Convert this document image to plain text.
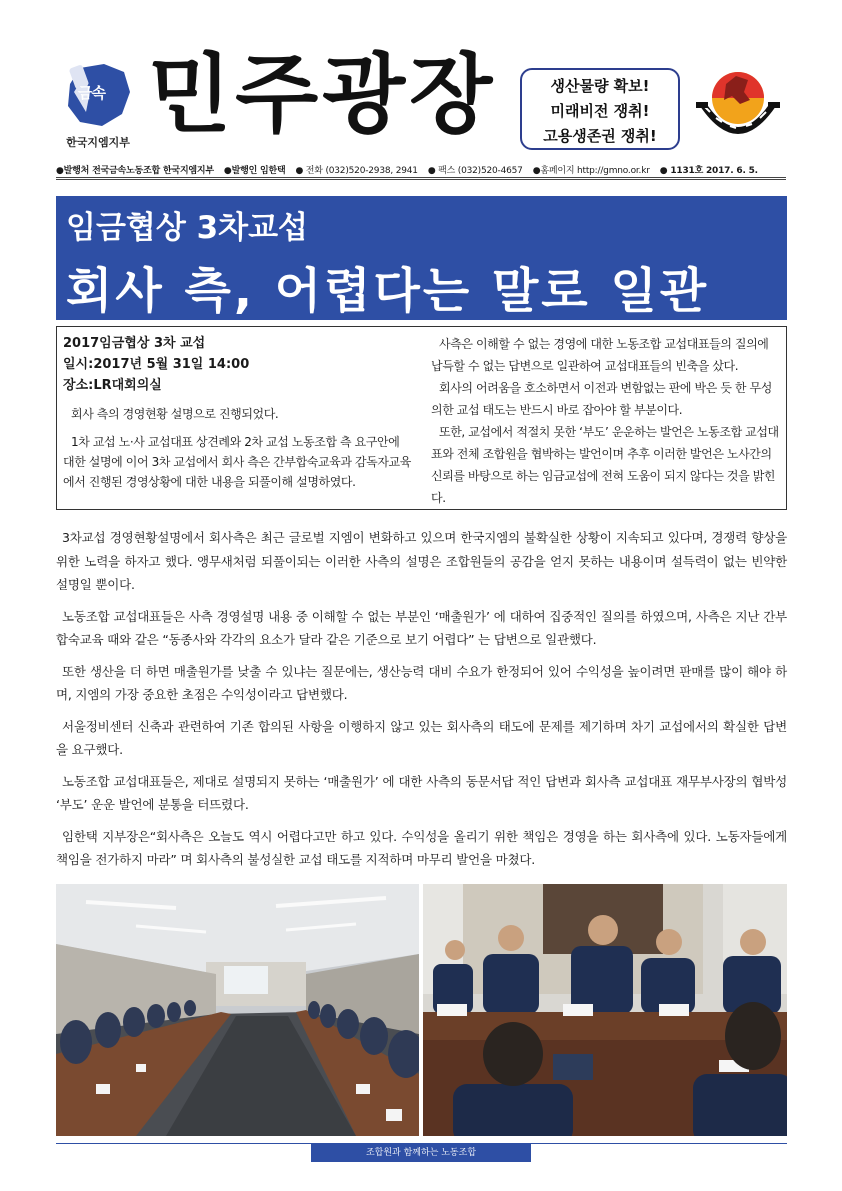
금속
한국지엠지부 민주광장	생산물량 확보!
미래비전 쟁취!
고용생존권 쟁취!
●발행처 전국금속노동조합 한국지엠지부 ●발행인 임한택 ● 전화 (032)520-2938, 2941 ● 팩스 (032)520-4657 ●홈페이지 http://gmno.or.kr ● 1131호 2017. 6. 5.
임금협상 3차교섭
회사 측, 어렵다는 말로 일관
2017임금협상 3차 교섭
일시:2017년 5월 31일 14:00
장소:LR대회의실

회사 측의 경영현황 설명으로 진행되었다.

1차 교섭 노·사 교섭대표 상견례와 2차 교섭 노동조합 측 요구안에 대한 설명에 이어 3차 교섭에서 회사 측은 간부합숙교육과 감독자교육에서 진행된 경영상황에 대한 내용을 되풀이해 설명하였다.

사측은 이해할 수 없는 경영에 대한 노동조합 교섭대표들의 질의에 납득할 수 없는 답변으로 일관하여 교섭대표들의 빈축을 샀다.

회사의 어려움을 호소하면서 이전과 변함없는 판에 박은 듯 한 무성의한 교섭 태도는 반드시 바로 잡아야 할 부분이다.

또한, 교섭에서 적절치 못한 ‘부도’ 운운하는 발언은 노동조합 교섭대표와 전체 조합원을 협박하는 발언이며 추후 이러한 발언은 노사간의 신뢰를 바탕으로 하는 임금교섭에 전혀 도움이 되지 않다는 것을 밝힌다.

3차교섭 경영현황설명에서 회사측은 최근 글로벌 지엠이 변화하고 있으며 한국지엠의 불확실한 상황이 지속되고 있다며, 경쟁력 향상을 위한 노력을 하자고 했다. 앵무새처럼 되풀이되는 이러한 사측의 설명은 조합원들의 공감을 얻지 못하는 내용이며 설득력이 없는 빈약한 설명일 뿐이다.

노동조합 교섭대표들은 사측 경영설명 내용 중 이해할 수 없는 부분인 ‘매출원가’ 에 대하여 집중적인 질의를 하였으며, 사측은 지난 간부합숙교육 때와 같은 “동종사와 각각의 요소가 달라 같은 기준으로 보기 어렵다” 는 답변으로 일관했다.

또한 생산을 더 하면 매출원가를 낮출 수 있냐는 질문에는, 생산능력 대비 수요가 한정되어 있어 수익성을 높이려면 판매를 많이 해야 하며, 지엠의 가장 중요한 초점은 수익성이라고 답변했다.

서울정비센터 신축과 관련하여 기존 합의된 사항을 이행하지 않고 있는 회사측의 태도에 문제를 제기하며 차기 교섭에서의 확실한 답변을 요구했다.

노동조합 교섭대표들은, 제대로 설명되지 못하는 ‘매출원가’ 에 대한 사측의 동문서답 적인 답변과 회사측 교섭대표 재무부사장의 협박성 ‘부도’ 운운 발언에 분통을 터뜨렸다.

임한택 지부장은“회사측은 오늘도 역시 어렵다고만 하고 있다. 수익성을 올리기 위한 책임은 경영을 하는 회사측에 있다. 노동자들에게 책임을 전가하지 마라” 며 회사측의 불성실한 교섭 태도를 지적하며 마무리 발언을 마쳤다.

조합원과 함께하는 노동조합
